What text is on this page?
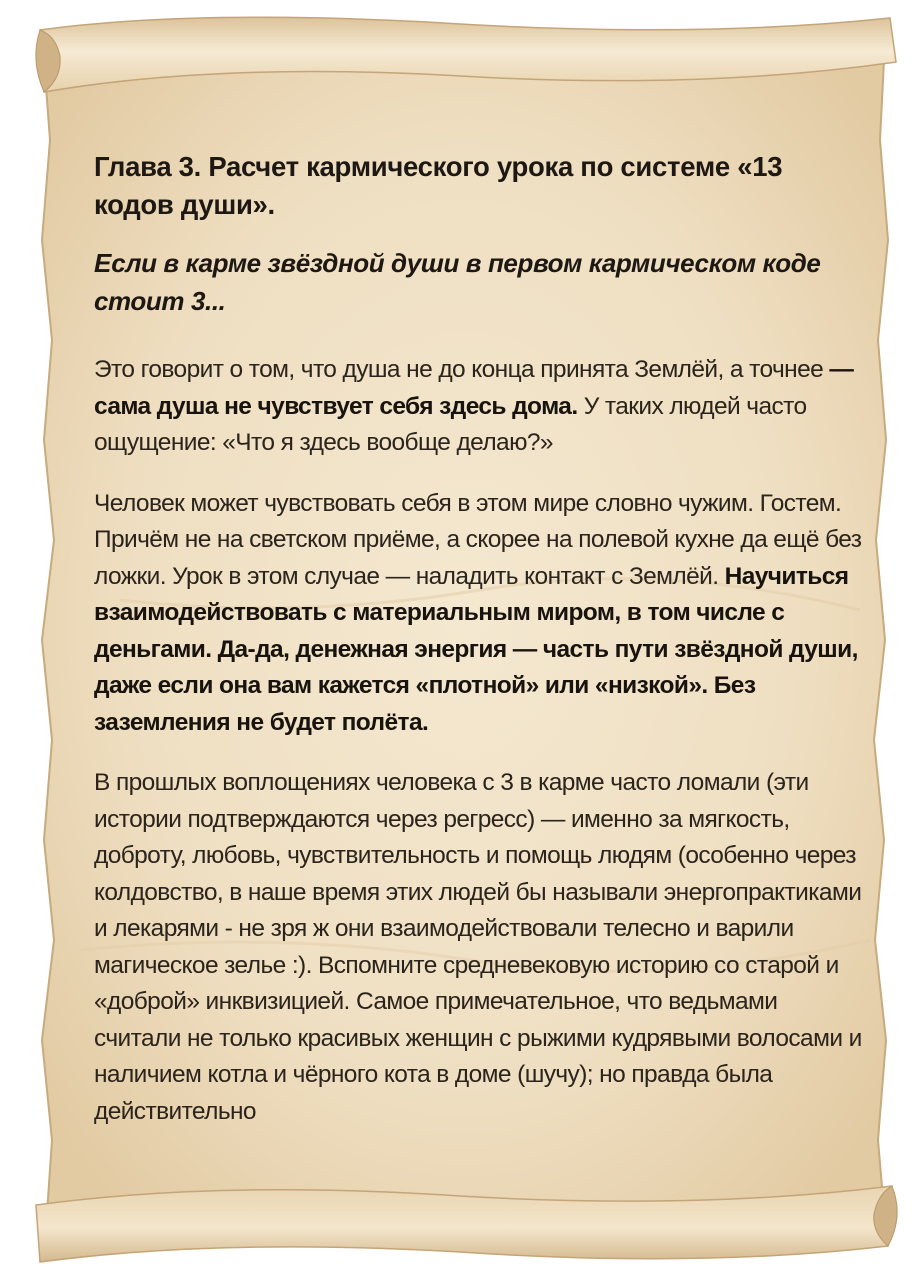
Глава 3. Расчет кармического урока по системе «13 кодов души».
Если в карме звёздной души в первом кармическом коде стоит 3...

Это говорит о том, что душа не до конца принята Землёй, а точнее — сама душа не чувствует себя здесь дома. У таких людей часто ощущение: «Что я здесь вообще делаю?»

Человек может чувствовать себя в этом мире словно чужим. Гостем. Причём не на светском приёме, а скорее на полевой кухне да ещё без ложки. Урок в этом случае — наладить контакт с Землёй. Научиться взаимодействовать с материальным миром, в том числе с деньгами. Да-да, денежная энергия — часть пути звёздной души, даже если она вам кажется «плотной» или «низкой». Без заземления не будет полёта.

В прошлых воплощениях человека с 3 в карме часто ломали (эти истории подтверждаются через регресс) — именно за мягкость, доброту, любовь, чувствительность и помощь людям (особенно через колдовство, в наше время этих людей бы называли энергопрактиками и лекарями - не зря ж они взаимодействовали телесно и варили магическое зелье :). Вспомните средневековую историю со старой и «доброй» инквизицией. Самое примечательное, что ведьмами считали не только красивых женщин с рыжими кудрявыми волосами и наличием котла и чёрного кота в доме (шучу); но правда была действительно
